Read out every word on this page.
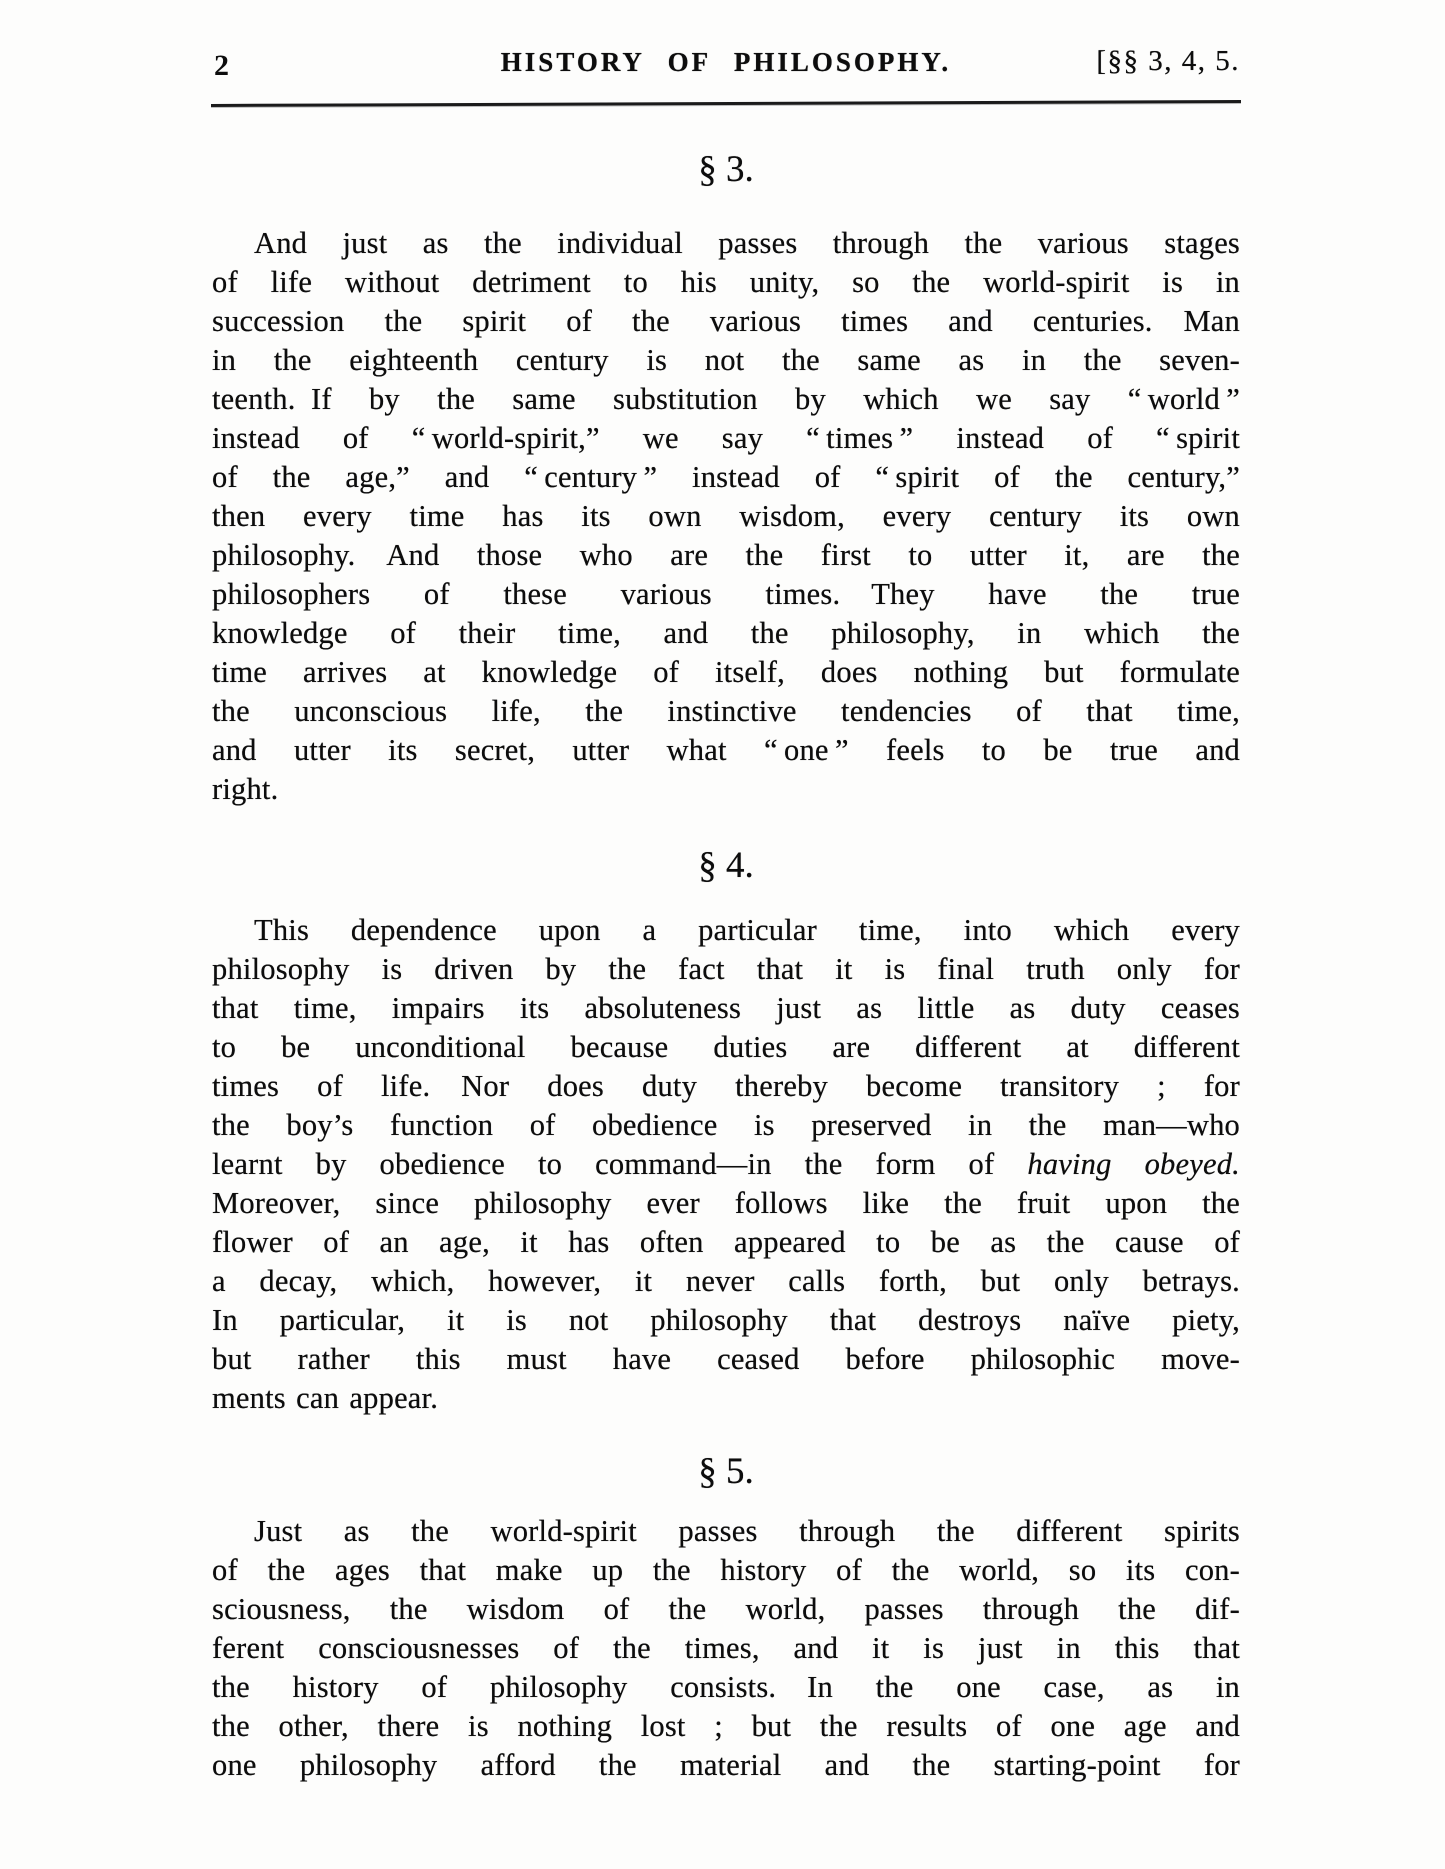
2	HISTORY OF PHILOSOPHY.	[§§ 3, 4, 5.
§ 3.
And just as the individual passes through the various stages
of life without detriment to his unity, so the world-spirit is in
succession the spirit of the various times and centuries.  Man
in the eighteenth century is not the same as in the seven-
teenth. If by the same substitution by which we say “ world ”
instead of “ world-spirit,” we say “ times ” instead of “ spirit
of the age,” and “ century ” instead of “ spirit of the century,”
then every time has its own wisdom, every century its own
philosophy.  And those who are the first to utter it, are the
philosophers of these various times.  They have the true
knowledge of their time, and the philosophy, in which the
time arrives at knowledge of itself, does nothing but formulate
the unconscious life, the instinctive tendencies of that time,
and utter its secret, utter what “ one ” feels to be true and
right.
§ 4.
This dependence upon a particular time, into which every
philosophy is driven by the fact that it is final truth only for
that time, impairs its absoluteness just as little as duty ceases
to be unconditional because duties are different at different
times of life.  Nor does duty thereby become transitory ; for
the boy’s function of obedience is preserved in the man—who
learnt by obedience to command—in the form of having obeyed.
Moreover, since philosophy ever follows like the fruit upon the
flower of an age, it has often appeared to be as the cause of
a decay, which, however, it never calls forth, but only betrays.
In particular, it is not philosophy that destroys naïve piety,
but rather this must have ceased before philosophic move-
ments can appear.
§ 5.
Just as the world-spirit passes through the different spirits
of the ages that make up the history of the world, so its con-
sciousness, the wisdom of the world, passes through the dif-
ferent consciousnesses of the times, and it is just in this that
the history of philosophy consists.  In the one case, as in
the other, there is nothing lost ; but the results of one age and
one philosophy afford the material and the starting-point for
